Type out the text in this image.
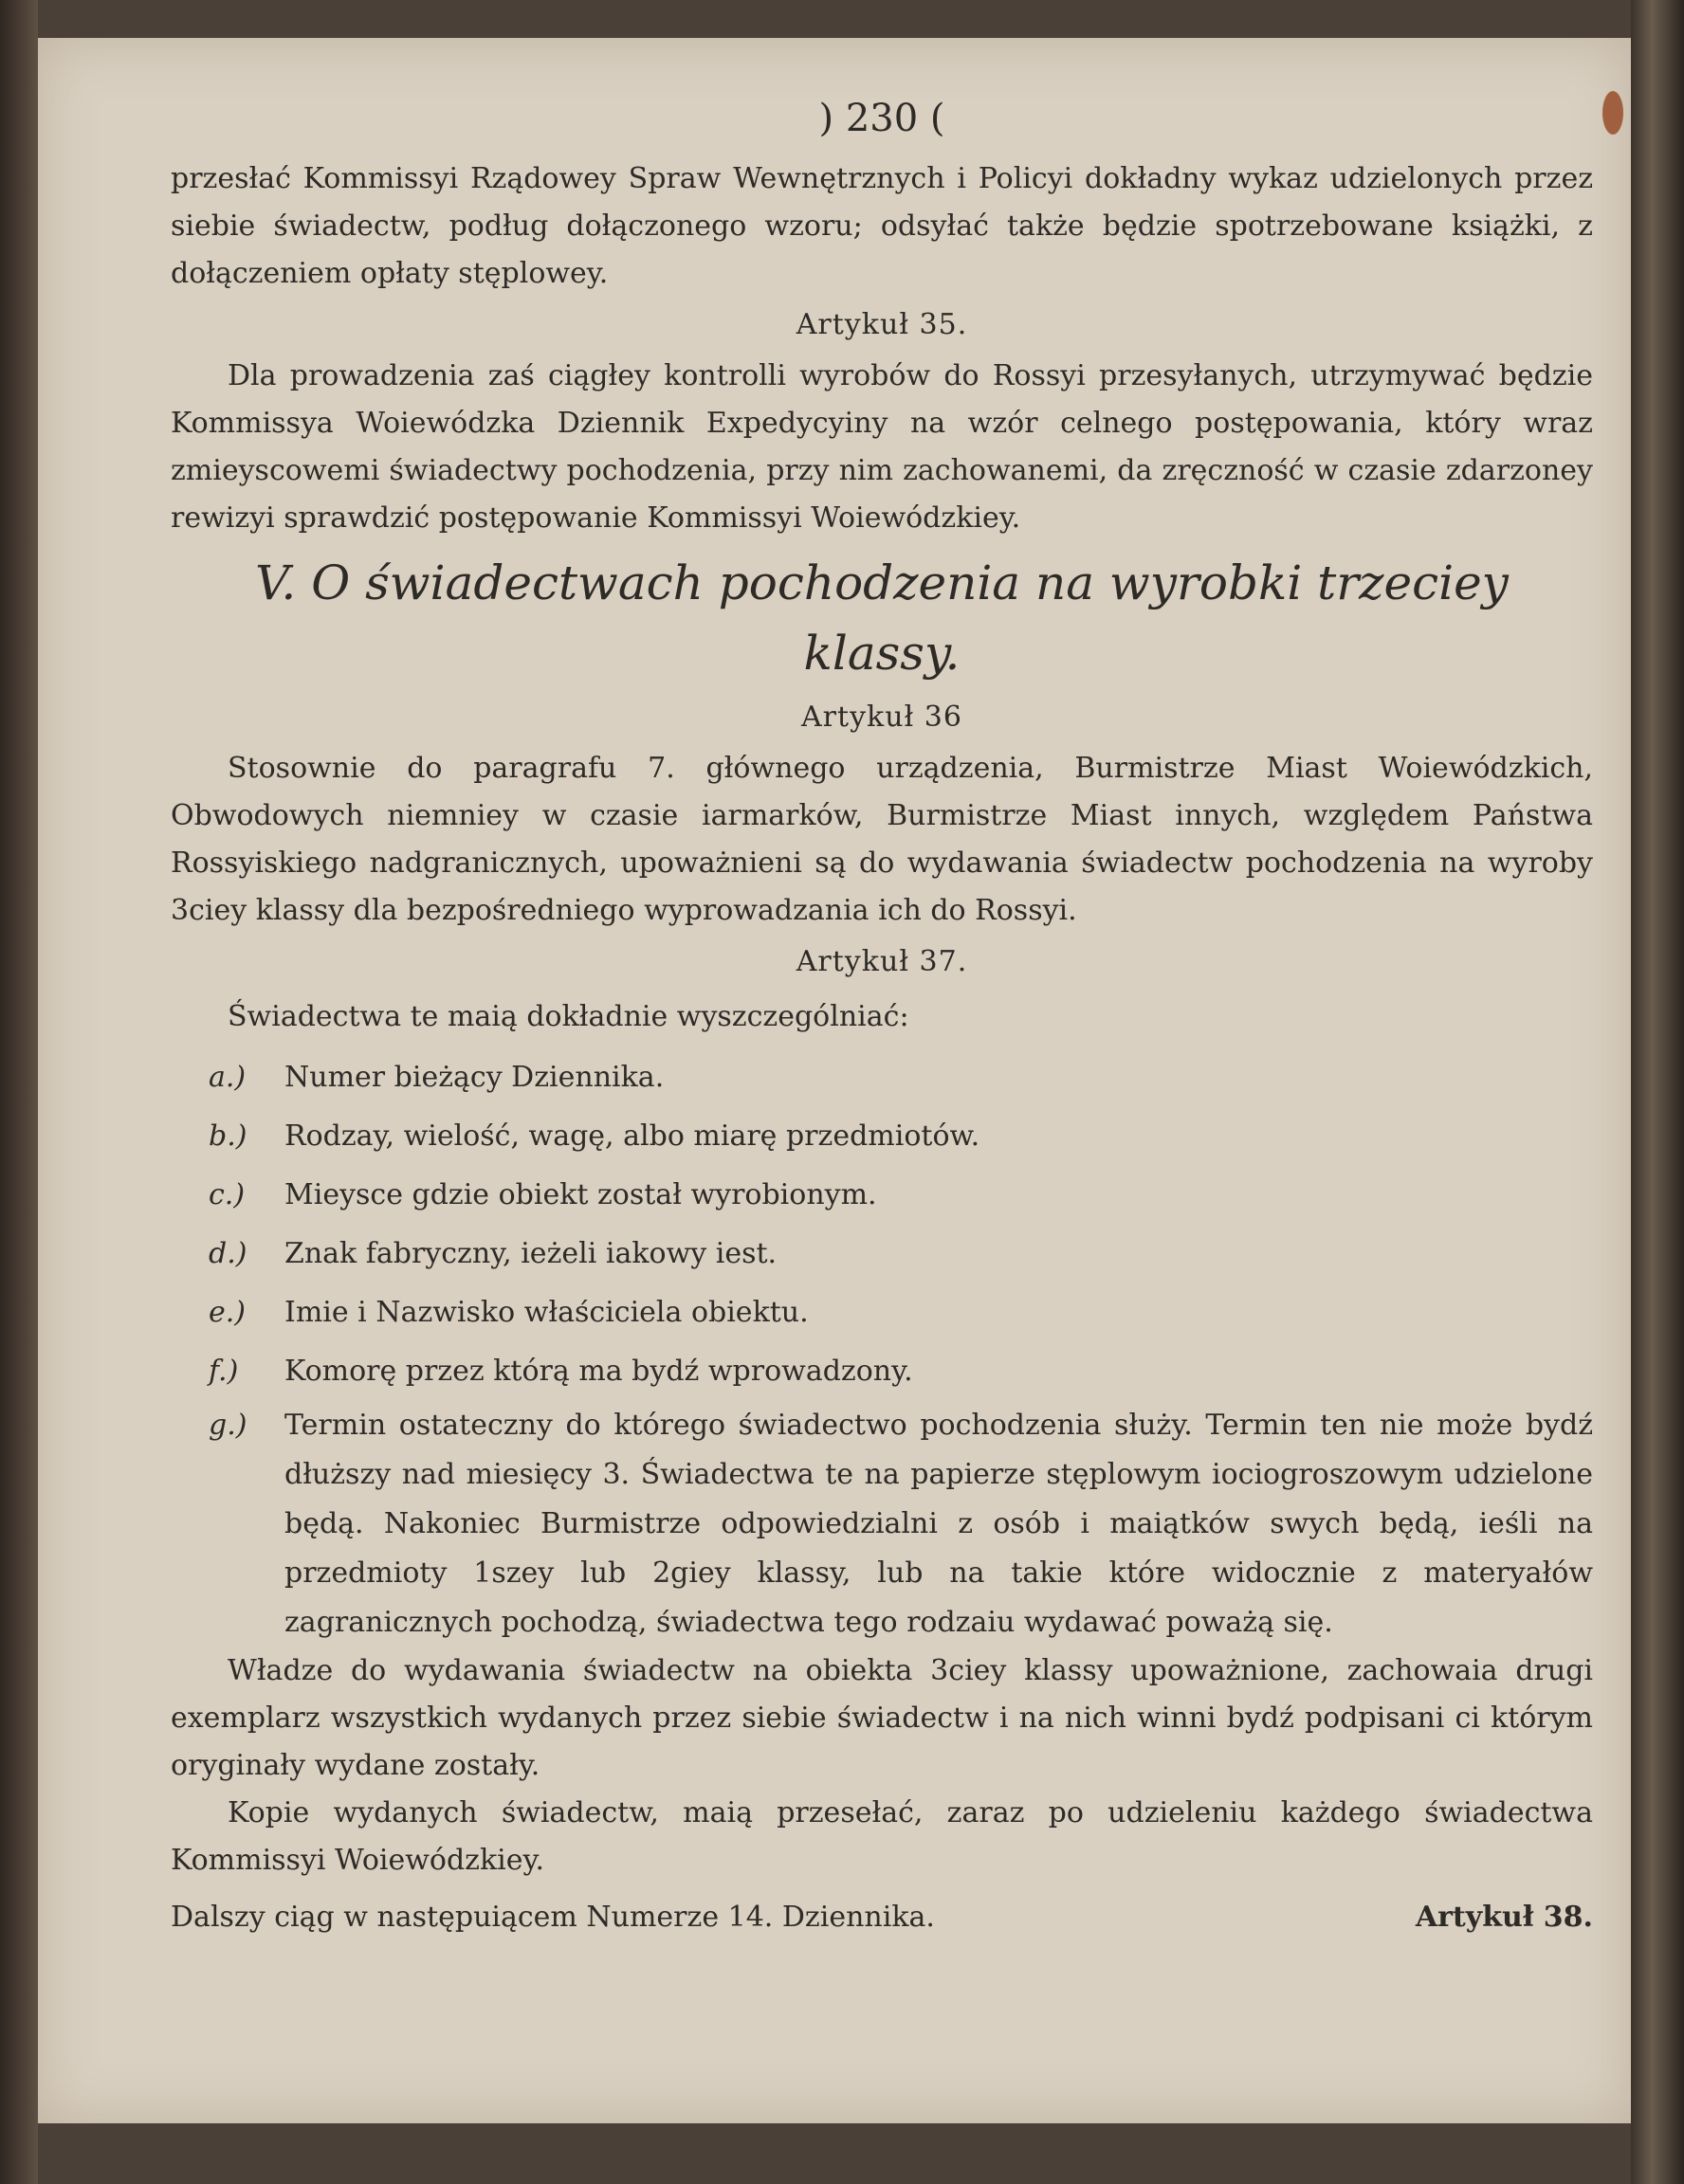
) 230 (

przesłać Kommissyi Rządowey Spraw Wewnętrznych i Policyi dokładny wykaz udzielonych przez siebie świadectw, podług dołączonego wzoru; odsyłać także będzie spotrzebowane książki, z dołączeniem opłaty stęplowey.

Artykuł 35.

Dla prowadzenia zaś ciągłey kontrolli wyrobów do Rossyi przesyłanych, utrzymywać będzie Kommissya Woiewódzka Dziennik Expedycyiny na wzór celnego postępowania, który wraz zmieyscowemi świadectwy pochodzenia, przy nim zachowanemi, da zręczność w czasie zdarzoney rewizyi sprawdzić postępowanie Kommissyi Woiewódzkiey.

V. O świadectwach pochodzenia na wyrobki trzeciey klassy.
Artykuł 36

Stosownie do paragrafu 7. głównego urządzenia, Burmistrze Miast Woiewódzkich, Obwodowych niemniey w czasie iarmarków, Burmistrze Miast innych, względem Państwa Rossyiskiego nadgranicznych, upoważnieni są do wydawania świadectw pochodzenia na wyroby 3ciey klassy dla bezpośredniego wyprowadzania ich do Rossyi.

Artykuł 37.

Świadectwa te maią dokładnie wyszczególniać:

a.)	Numer bieżący Dziennika.
b.)	Rodzay, wielość, wagę, albo miarę przedmiotów.
c.)	Mieysce gdzie obiekt został wyrobionym.
d.)	Znak fabryczny, ieżeli iakowy iest.
e.)	Imie i Nazwisko właściciela obiektu.
f.)	Komorę przez którą ma bydź wprowadzony.
g.)	Termin ostateczny do którego świadectwo pochodzenia służy. Termin ten nie może bydź dłuższy nad miesięcy 3. Świadectwa te na papierze stęplowym iociogroszowym udzielone będą. Nakoniec Burmistrze odpowiedzialni z osób i maiątków swych będą, ieśli na przedmioty 1szey lub 2giey klassy, lub na takie które widocznie z materyałów zagranicznych pochodzą, świadectwa tego rodzaiu wydawać poważą się.

Władze do wydawania świadectw na obiekta 3ciey klassy upoważnione, zachowaia drugi exemplarz wszystkich wydanych przez siebie świadectw i na nich winni bydź podpisani ci którym oryginały wydane zostały.

Kopie wydanych świadectw, maią przesełać, zaraz po udzieleniu każdego świadectwa Kommissyi Woiewódzkiey.

Dalszy ciąg w następuiącem Numerze 14. Dziennika.	Artykuł 38.
